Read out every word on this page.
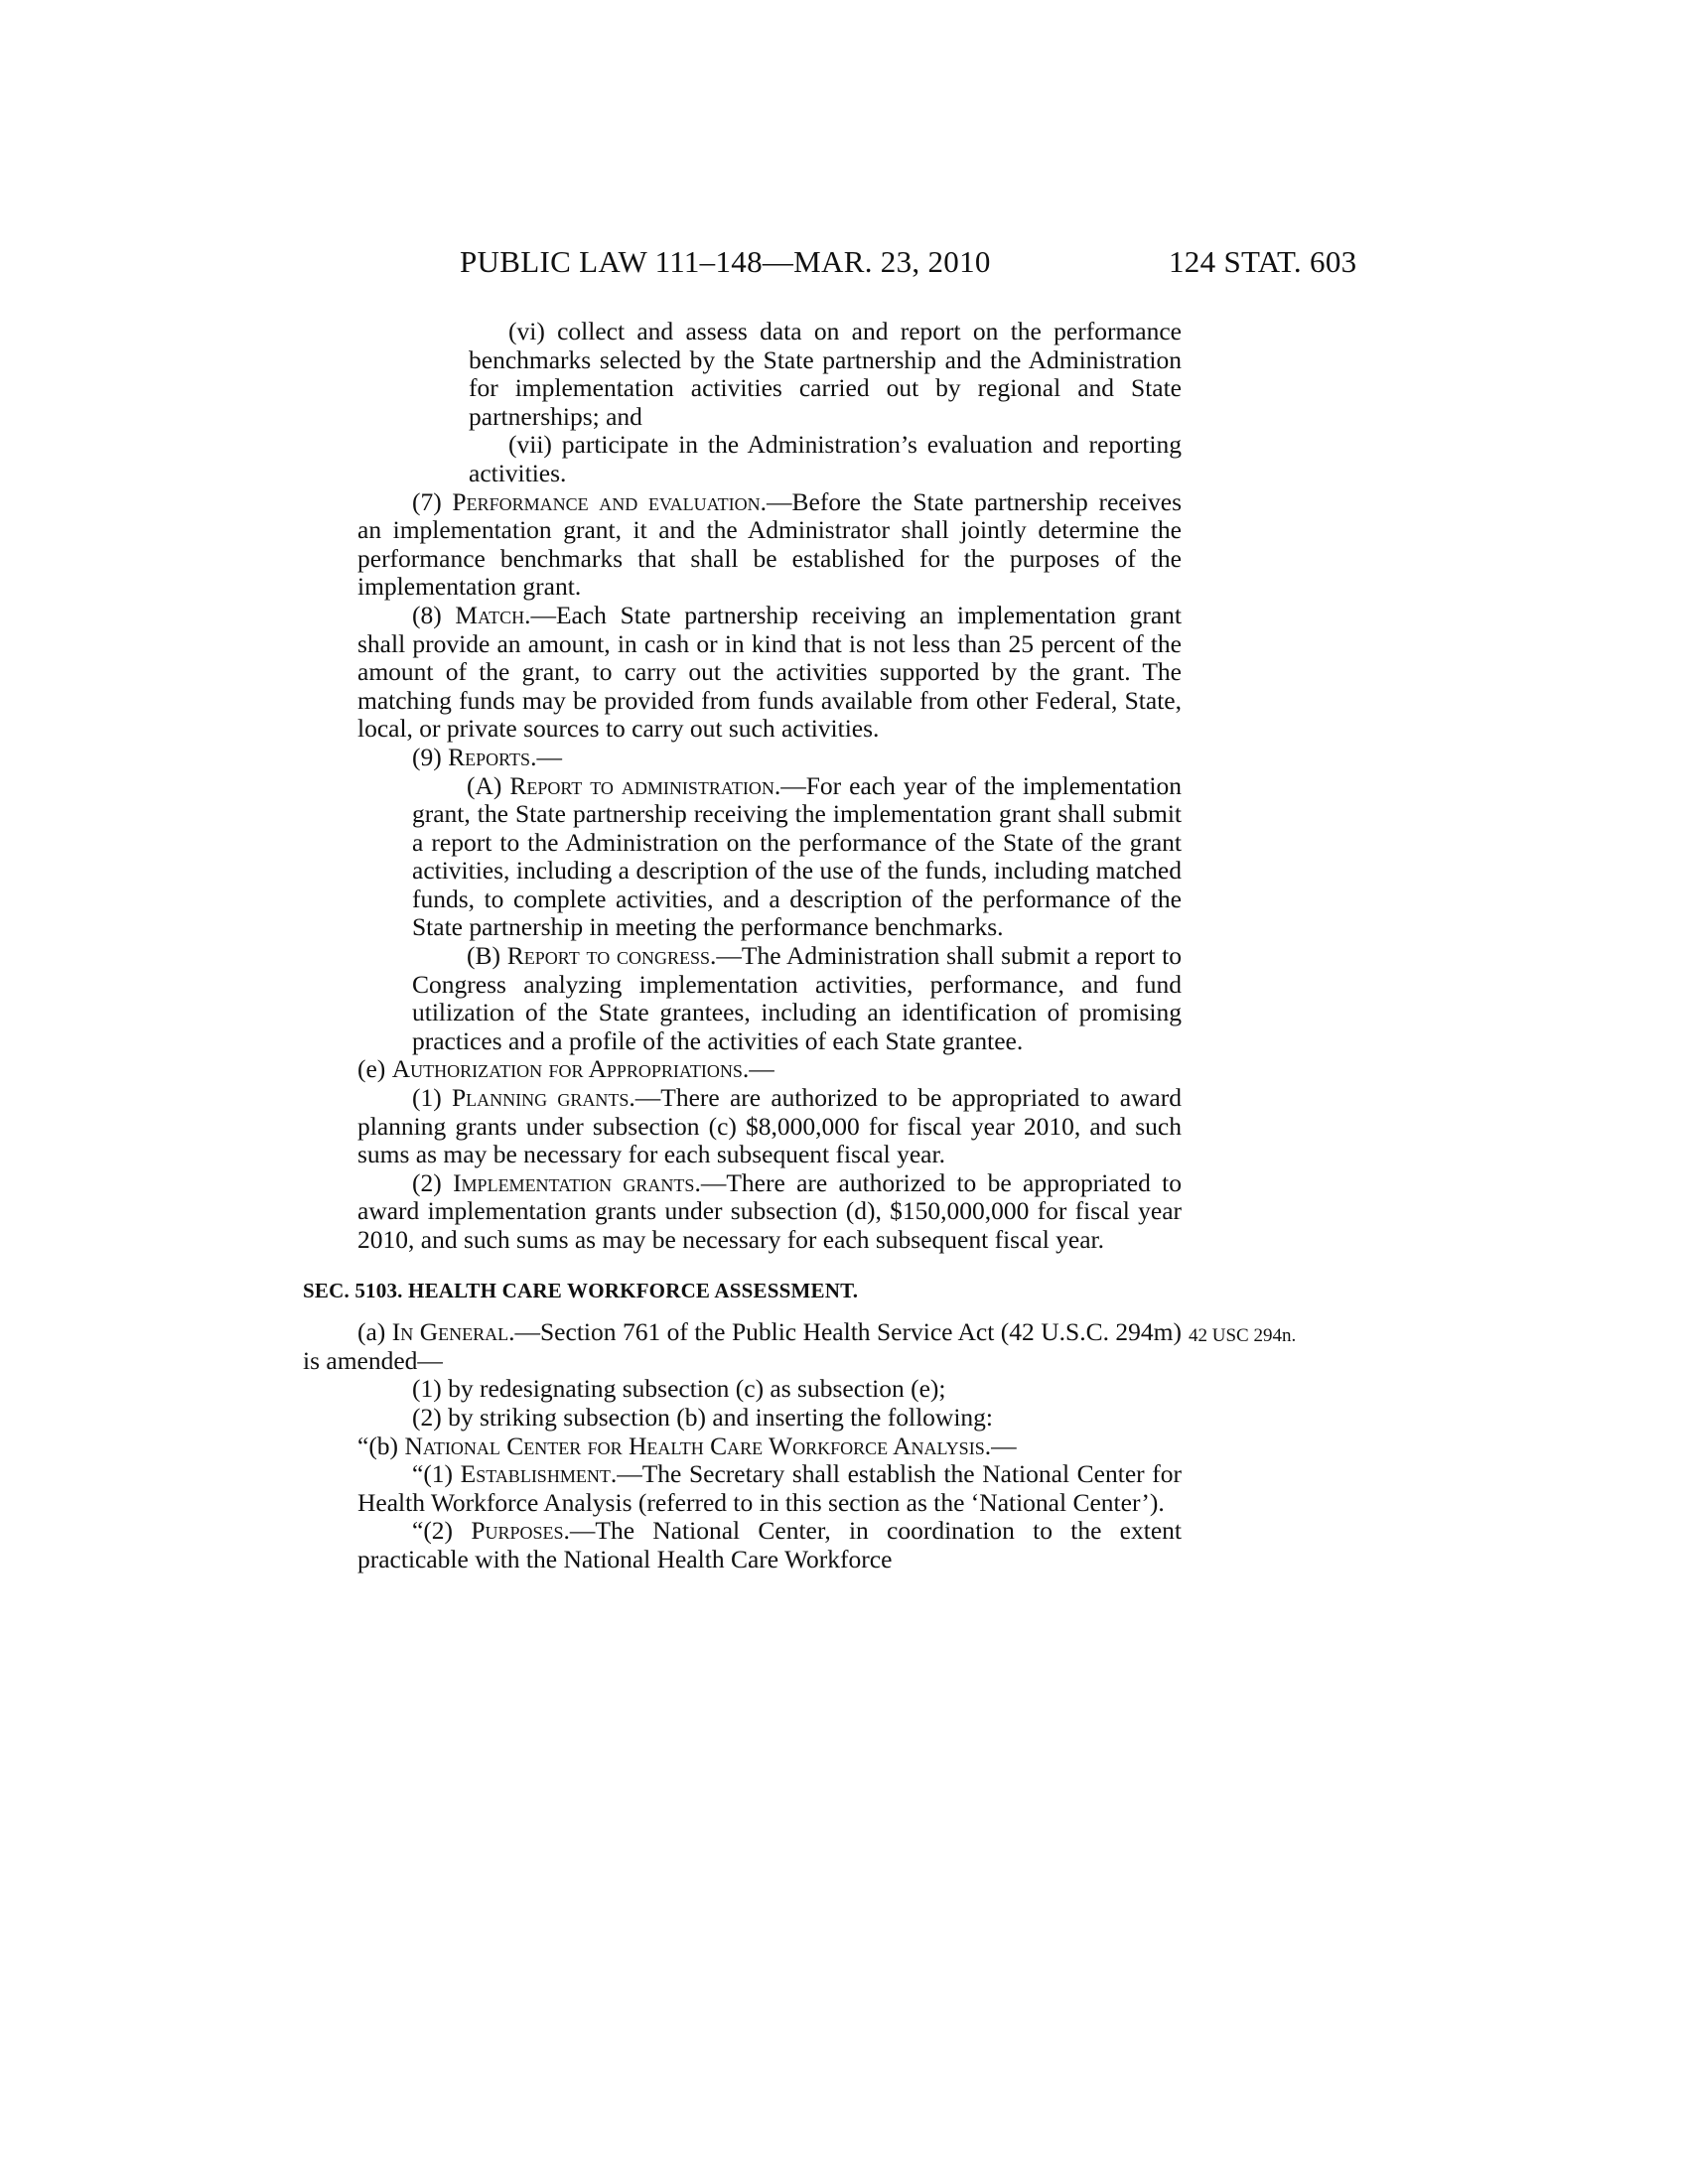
PUBLIC LAW 111–148—MAR. 23, 2010	124 STAT. 603

(vi) collect and assess data on and report on the performance benchmarks selected by the State partnership and the Administration for implementation activities carried out by regional and State partnerships; and

(vii) participate in the Administration’s evaluation and reporting activities.

(7) Performance and evaluation.—Before the State partnership receives an implementation grant, it and the Administrator shall jointly determine the performance benchmarks that shall be established for the purposes of the implementation grant.

(8) Match.—Each State partnership receiving an implementation grant shall provide an amount, in cash or in kind that is not less than 25 percent of the amount of the grant, to carry out the activities supported by the grant. The matching funds may be provided from funds available from other Federal, State, local, or private sources to carry out such activities.

(9) Reports.—

(A) Report to administration.—For each year of the implementation grant, the State partnership receiving the implementation grant shall submit a report to the Administration on the performance of the State of the grant activities, including a description of the use of the funds, including matched funds, to complete activities, and a description of the performance of the State partnership in meeting the performance benchmarks.

(B) Report to congress.—The Administration shall submit a report to Congress analyzing implementation activities, performance, and fund utilization of the State grantees, including an identification of promising practices and a profile of the activities of each State grantee.

(e) Authorization for Appropriations.—

(1) Planning grants.—There are authorized to be appropriated to award planning grants under subsection (c) $8,000,000 for fiscal year 2010, and such sums as may be necessary for each subsequent fiscal year.

(2) Implementation grants.—There are authorized to be appropriated to award implementation grants under subsection (d), $150,000,000 for fiscal year 2010, and such sums as may be necessary for each subsequent fiscal year.

SEC. 5103. HEALTH CARE WORKFORCE ASSESSMENT.

(a) In General.—Section 761 of the Public Health Service Act (42 U.S.C. 294m) is amended—

42 USC 294n.

(1) by redesignating subsection (c) as subsection (e);

(2) by striking subsection (b) and inserting the following:

“(b) National Center for Health Care Workforce Analysis.—

“(1) Establishment.—The Secretary shall establish the National Center for Health Workforce Analysis (referred to in this section as the ‘National Center’).

“(2) Purposes.—The National Center, in coordination to the extent practicable with the National Health Care Workforce
